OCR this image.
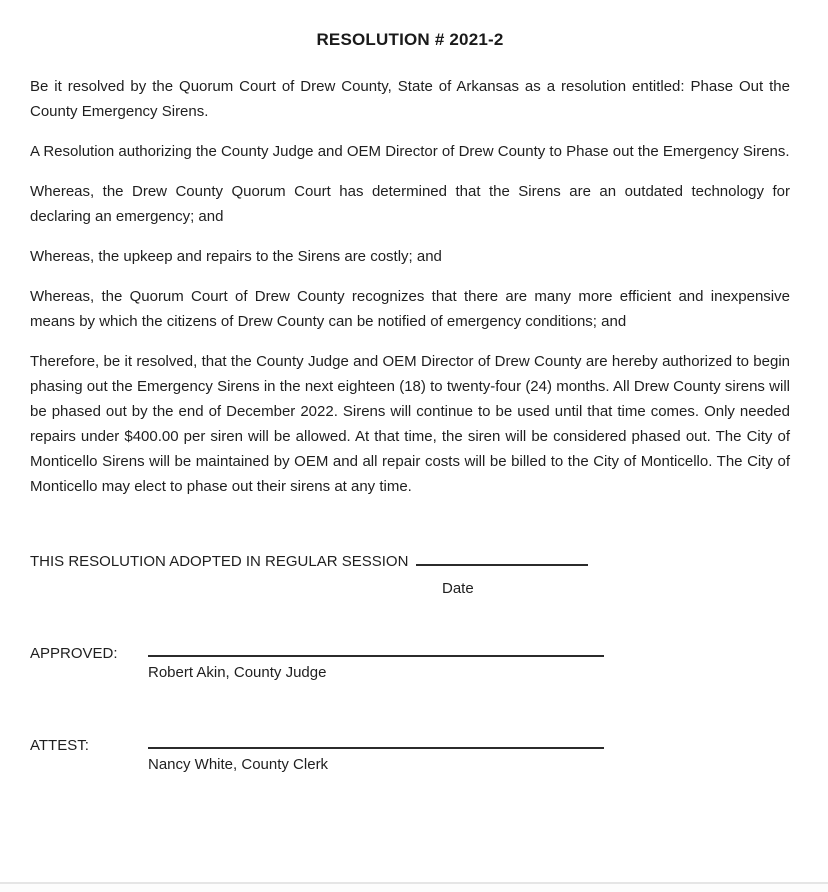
RESOLUTION # 2021-2

Be it resolved by the Quorum Court of Drew County, State of Arkansas as a resolution entitled: Phase Out the County Emergency Sirens.

A Resolution authorizing the County Judge and OEM Director of Drew County to Phase out the Emergency Sirens.

Whereas, the Drew County Quorum Court has determined that the Sirens are an outdated technology for declaring an emergency; and

Whereas, the upkeep and repairs to the Sirens are costly; and

Whereas, the Quorum Court of Drew County recognizes that there are many more efficient and inexpensive means by which the citizens of Drew County can be notified of emergency conditions; and

Therefore, be it resolved, that the County Judge and OEM Director of Drew County are hereby authorized to begin phasing out the Emergency Sirens in the next eighteen (18) to twenty-four (24) months. All Drew County sirens will be phased out by the end of December 2022. Sirens will continue to be used until that time comes. Only needed repairs under $400.00 per siren will be allowed. At that time, the siren will be considered phased out. The City of Monticello Sirens will be maintained by OEM and all repair costs will be billed to the City of Monticello. The City of Monticello may elect to phase out their sirens at any time.

THIS RESOLUTION ADOPTED IN REGULAR SESSION
Date
APPROVED:
Robert Akin, County Judge
ATTEST:
Nancy White, County Clerk
